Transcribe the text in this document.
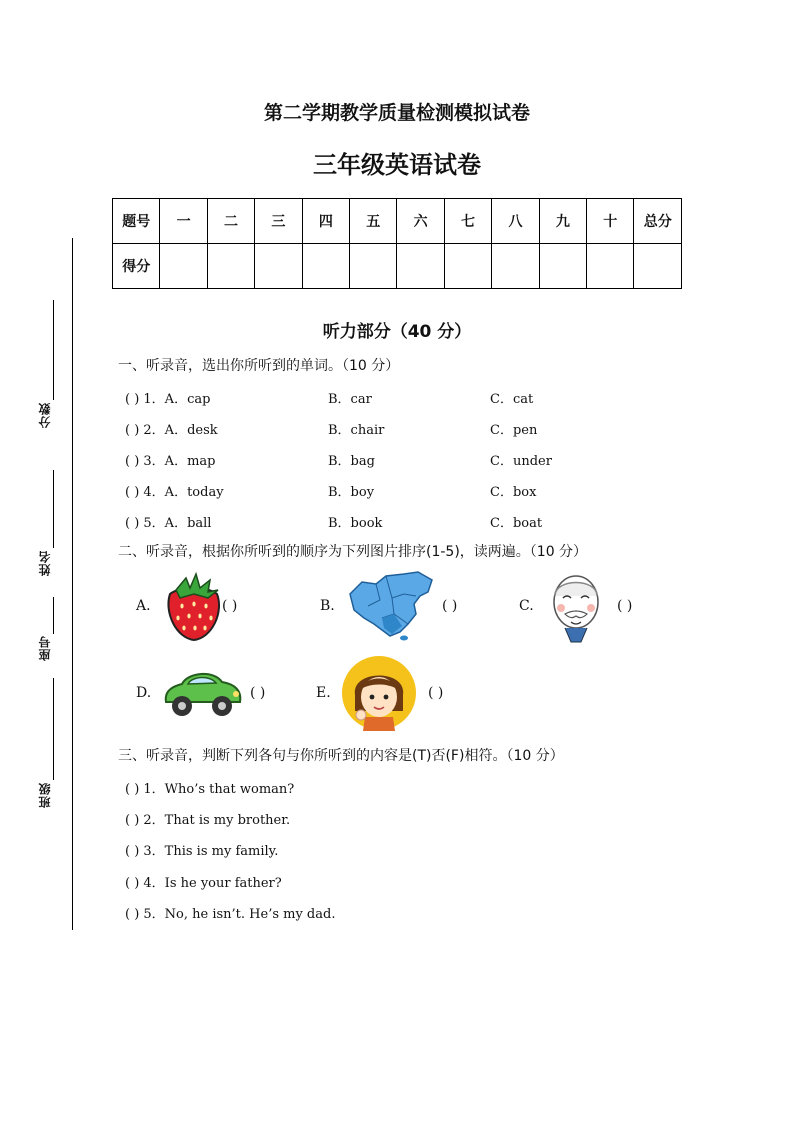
分数
姓名
座号
班级
第二学期教学质量检测模拟试卷
三年级英语试卷
题号	一	二	三	四	五	六	七	八	九	十	总分
得分											
听力部分（40 分）
一、听录音，选出你所听到的单词。（10 分）
( ) 1．A．cap	B．car	C．cat
( ) 2．A．desk	B．chair	C．pen
( ) 3．A．map	B．bag	C．under
( ) 4．A．today	B．boy	C．box
( ) 5．A．ball	B．book	C．boat
二、听录音，根据你所听到的顺序为下列图片排序(1-5)，读两遍。（10 分）
A.	( )	B.	( )	C.	( )
D.	( )	E.	( )
三、听录音，判断下列各句与你所听到的内容是(T)否(F)相符。（10 分）
( ) 1．Who’s that woman?
( ) 2．That is my brother.
( ) 3．This is my family.
( ) 4．Is he your father?
( ) 5．No, he isn’t. He’s my dad.
